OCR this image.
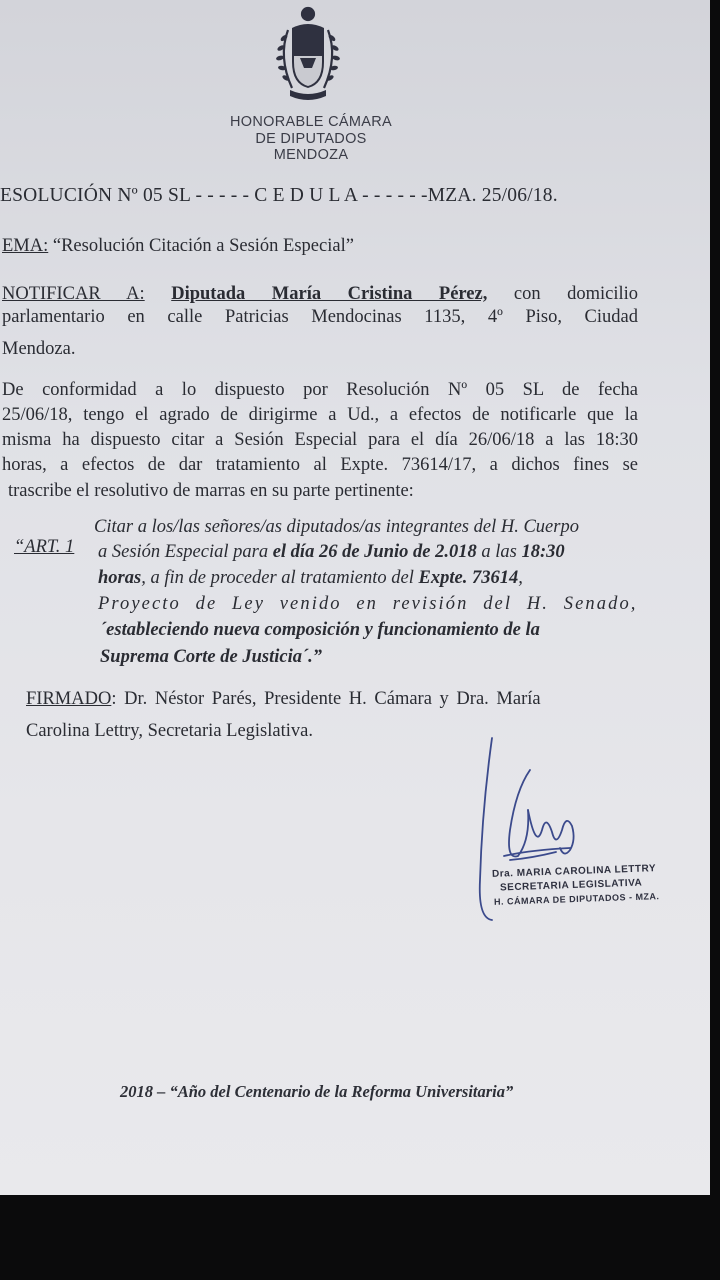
HONORABLE CÁMARA
DE DIPUTADOS MENDOZA
ESOLUCIÓN Nº 05 SL - - - - - C E D U L A - - - - - -MZA. 25/06/18.
EMA: “Resolución Citación a Sesión Especial”
NOTIFICAR A: Diputada María Cristina Pérez, con domicilio
parlamentario en calle Patricias Mendocinas 1135, 4º Piso, Ciudad
Mendoza.
De conformidad a lo dispuesto por Resolución Nº 05 SL de fecha
25/06/18, tengo el agrado de dirigirme a Ud., a efectos de notificarle que la
misma ha dispuesto citar a Sesión Especial para el día 26/06/18 a las 18:30
horas, a efectos de dar tratamiento al Expte. 73614/17, a dichos fines se
trascribe el resolutivo de marras en su parte pertinente:
“ART. 1
Citar a los/las señores/as diputados/as integrantes del H. Cuerpo
a Sesión Especial para el día 26 de Junio de 2.018 a las 18:30
horas, a fin de proceder al tratamiento del Expte. 73614,
Proyecto de Ley venido en revisión del H. Senado,
´estableciendo nueva composición y funcionamiento de la
Suprema Corte de Justicia´.”
FIRMADO: Dr. Néstor Parés, Presidente H. Cámara y Dra. María
Carolina Lettry, Secretaria Legislativa.
Dra. MARIA CAROLINA LETTRY
SECRETARIA LEGISLATIVA
H. CÁMARA DE DIPUTADOS - MZA.
2018 – “Año del Centenario de la Reforma Universitaria”
